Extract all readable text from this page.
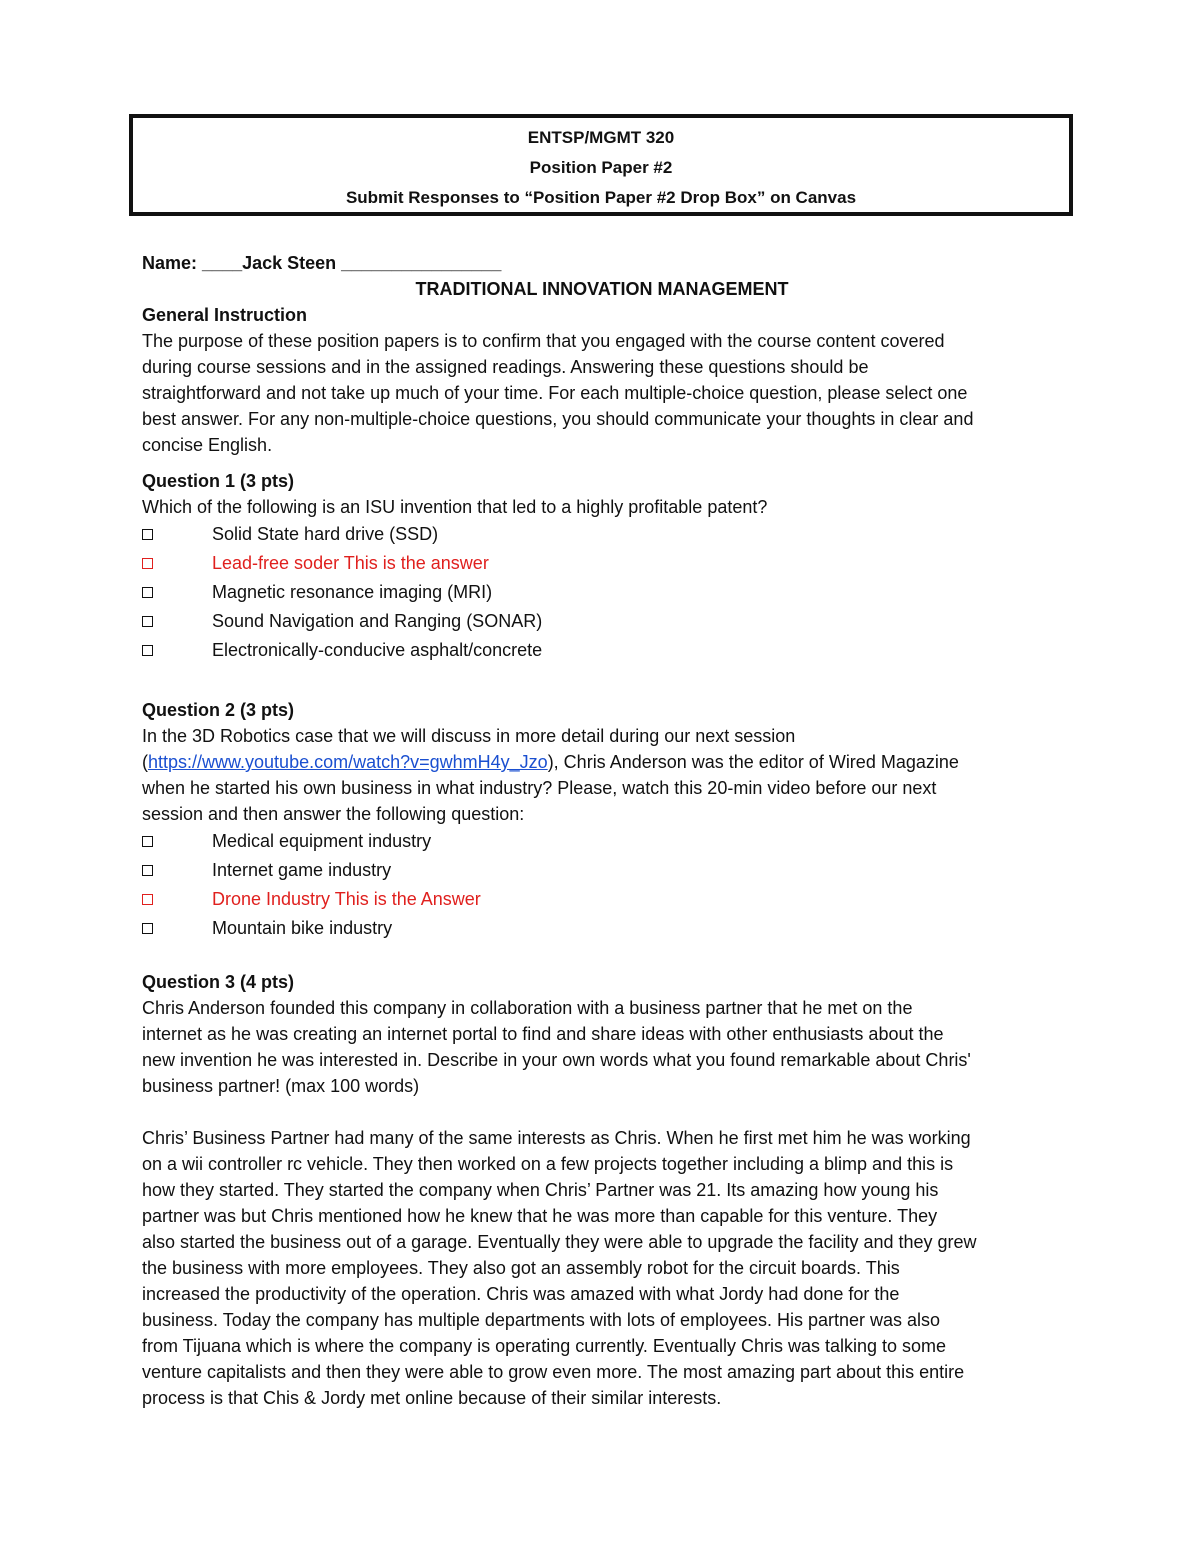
ENTSP/MGMT 320
Position Paper #2
Submit Responses to “Position Paper #2 Drop Box” on Canvas
Name: ____Jack Steen ________________
TRADITIONAL INNOVATION MANAGEMENT
General Instruction
The purpose of these position papers is to confirm that you engaged with the course content covered
during course sessions and in the assigned readings. Answering these questions should be
straightforward and not take up much of your time. For each multiple-choice question, please select one
best answer. For any non-multiple-choice questions, you should communicate your thoughts in clear and
concise English.
Question 1 (3 pts)
Which of the following is an ISU invention that led to a highly profitable patent?
Solid State hard drive (SSD)
Lead-free soder This is the answer
Magnetic resonance imaging (MRI)
Sound Navigation and Ranging (SONAR)
Electronically-conducive asphalt/concrete
Question 2 (3 pts)
In the 3D Robotics case that we will discuss in more detail during our next session
(https://www.youtube.com/watch?v=gwhmH4y_Jzo), Chris Anderson was the editor of Wired Magazine
when he started his own business in what industry? Please, watch this 20-min video before our next
session and then answer the following question:
Medical equipment industry
Internet game industry
Drone Industry This is the Answer
Mountain bike industry
Question 3 (4 pts)
Chris Anderson founded this company in collaboration with a business partner that he met on the
internet as he was creating an internet portal to find and share ideas with other enthusiasts about the
new invention he was interested in. Describe in your own words what you found remarkable about Chris'
business partner! (max 100 words)
Chris’ Business Partner had many of the same interests as Chris. When he first met him he was working
on a wii controller rc vehicle. They then worked on a few projects together including a blimp and this is
how they started. They started the company when Chris’ Partner was 21. Its amazing how young his
partner was but Chris mentioned how he knew that he was more than capable for this venture. They
also started the business out of a garage. Eventually they were able to upgrade the facility and they grew
the business with more employees. They also got an assembly robot for the circuit boards. This
increased the productivity of the operation. Chris was amazed with what Jordy had done for the
business. Today the company has multiple departments with lots of employees. His partner was also
from Tijuana which is where the company is operating currently. Eventually Chris was talking to some
venture capitalists and then they were able to grow even more. The most amazing part about this entire
process is that Chis & Jordy met online because of their similar interests.
